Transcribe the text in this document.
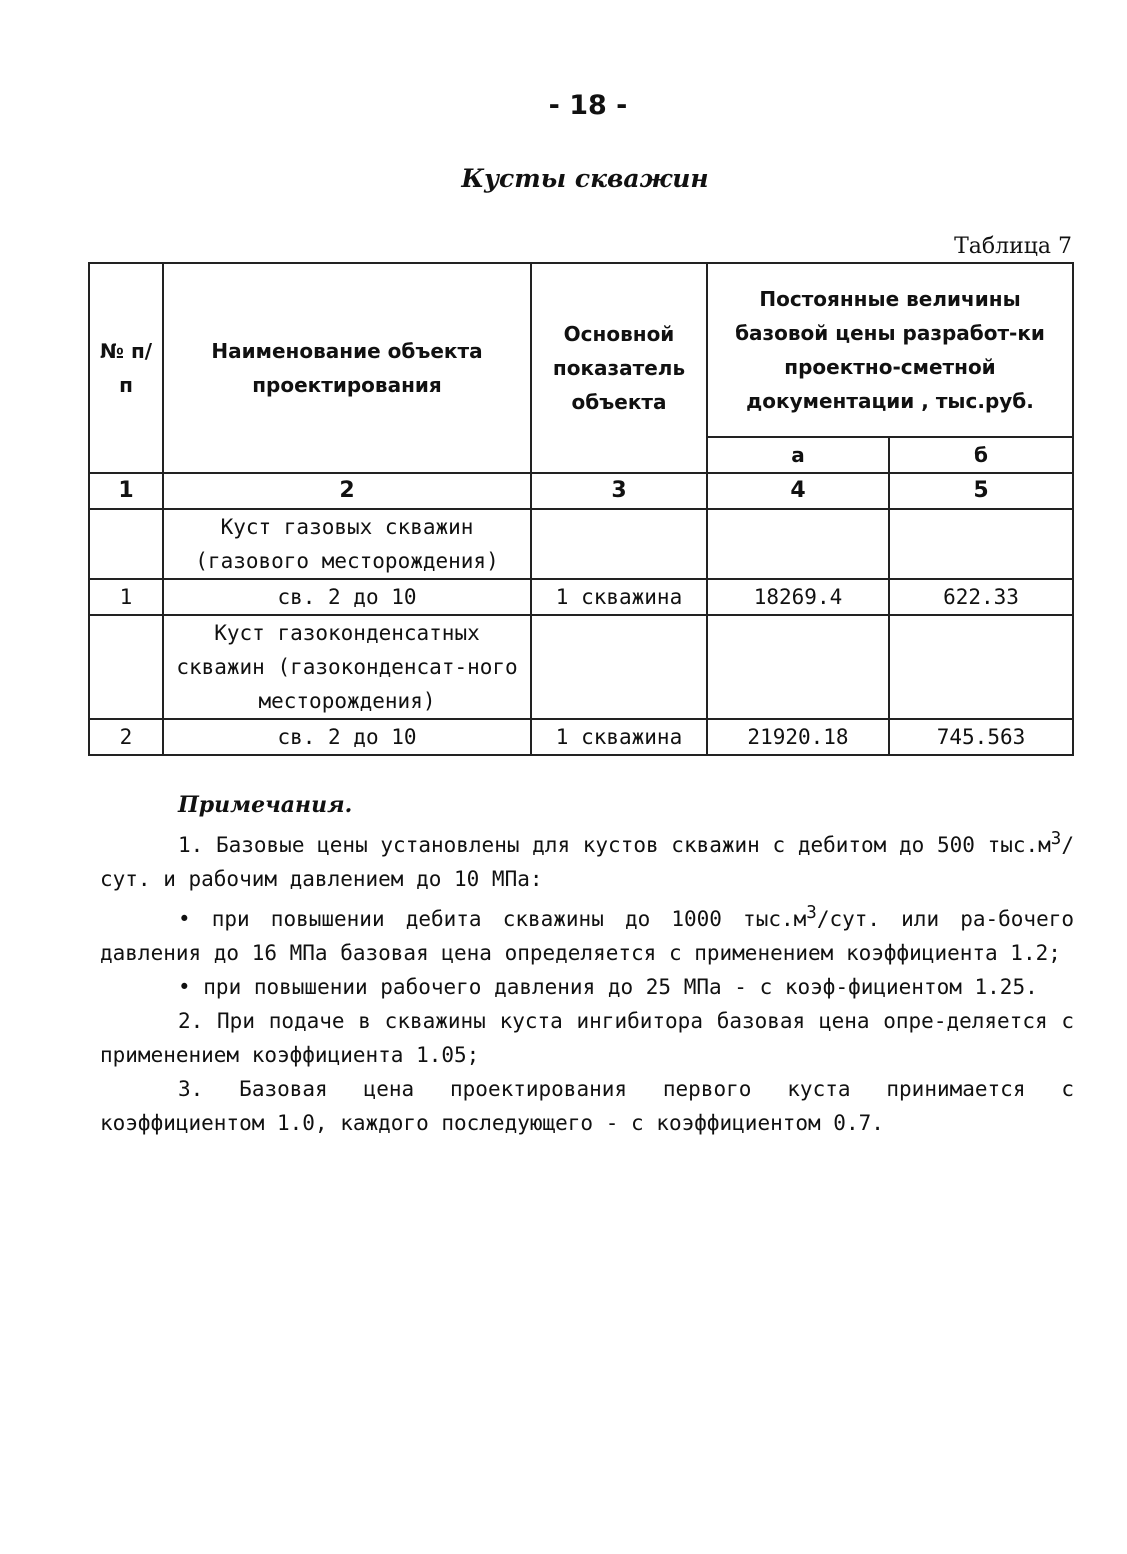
- 18 -
Кусты скважин
Таблица 7
№ п/п	Наименование объекта проектирования	Основной показатель объекта	Постоянные величины базовой цены разработ-ки проектно-сметной документации , тыс.руб.	
			а	б
1	2	3	4	5
	Куст газовых скважин (газового месторождения)			
1	св. 2 до 10	1 скважина	18269.4	622.33
	Куст газоконденсатных скважин (газоконденсат-ного месторождения)			
2	св. 2 до 10	1 скважина	21920.18	745.563
Примечания.

1. Базовые цены установлены для кустов скважин с дебитом до 500 $тыс.м^3$/сут. и рабочим давлением до 10 МПа:

• при повышении дебита скважины до 1000 $тыс.м^3$/сут. или ра-бочего давления до 16 МПа базовая цена определяется с применением коэффициента 1.2;

• при повышении рабочего давления до 25 МПа - с коэф-фициентом 1.25.

2. При подаче в скважины куста ингибитора базовая цена опре-деляется с применением коэффициента 1.05;

3. Базовая цена проектирования первого куста принимается с коэффициентом 1.0, каждого последующего - с коэффициентом 0.7.
